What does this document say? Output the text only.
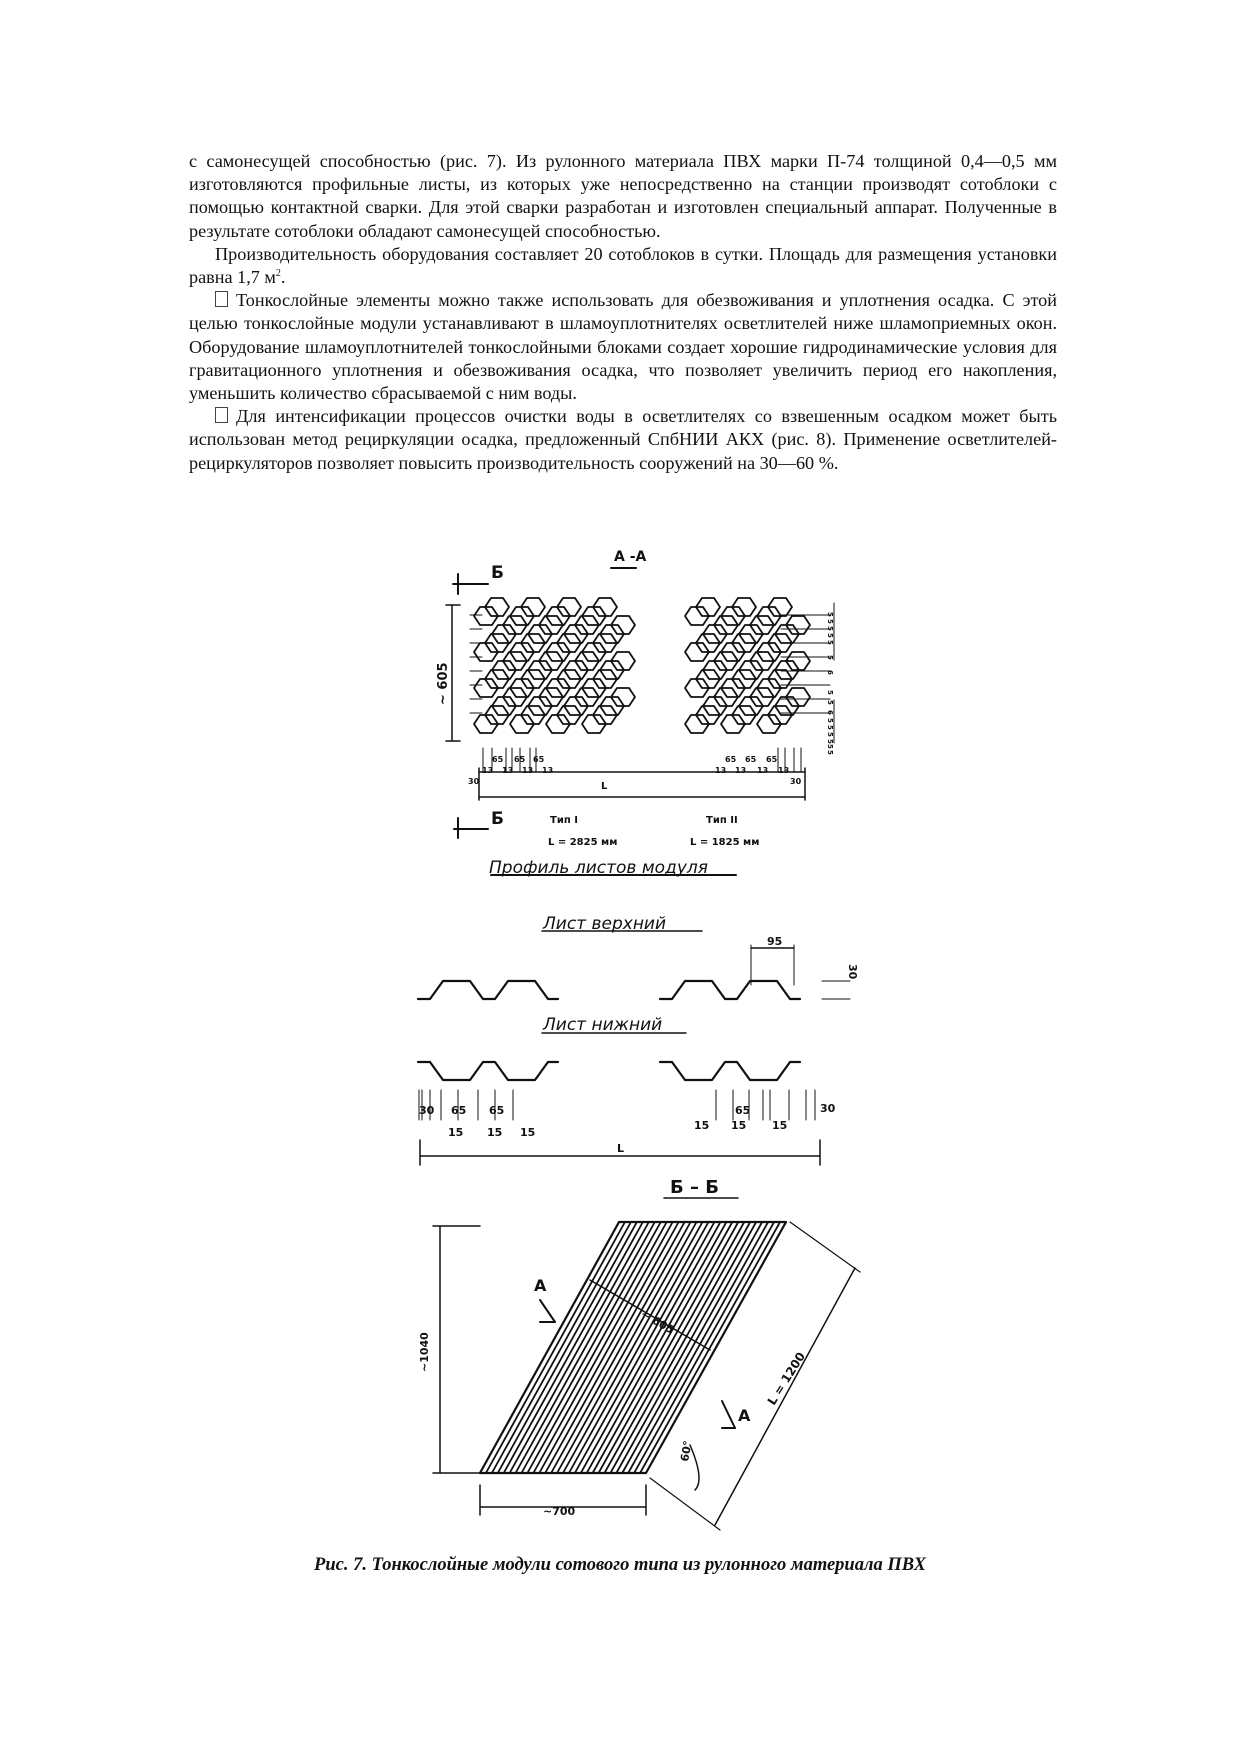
с самонесущей способностью (рис. 7). Из рулонного материала ПВХ марки П-74 толщиной 0,4—0,5 мм изготовляются профильные листы, из которых уже непосредственно на станции производят сотоблоки с помощью контактной сварки. Для этой сварки разработан и изготовлен специальный аппарат. Полученные в результате сотоблоки обладают самонесущей способностью.

Производительность оборудования составляет 20 сотоблоков в сутки. Площадь для размещения установки равна 1,7 $м^2$.

Тонкослойные элементы можно также использовать для обезвоживания и уплотнения осадка. С этой целью тонкослойные модули устанавливают в шламоуплотнителях осветлителей ниже шламоприемных окон. Оборудование шламоуплотнителей тонкослойными блоками создает хорошие гидродинамические условия для гравитационного уплотнения и обезвоживания осадка, что позволяет увеличить период его накопления, уменьшить количество сбрасываемой с ним воды.

Для интенсификации процессов очистки воды в осветлителях со взвешенным осадком может быть использован метод рециркуляции осадка, предложенный СпбНИИ АКХ (рис. 8). Применение осветлителей-рециркуляторов позволяет повысить производительность сооружений на 30—60 %.

А -А
Б
Б
~ 605
30
13
65
13
65
13
65
13	13
65
13
65
13
65
13
30
5
5
5
5
5
5
6
5
5
6
5
5
5
5
5
5
L
Тип I
L = 2825 мм
Тип II
L = 1825 мм
Профиль листов модуля
Лист верхний
95
30
Лист нижний
30 65 65
15 15 15
65
15 15 15
30
L
Б – Б
А
А
~ 605
L = 1200
~1040
60°
~700
Рис. 7. Тонкослойные модули сотового типа из рулонного материала ПВХ
